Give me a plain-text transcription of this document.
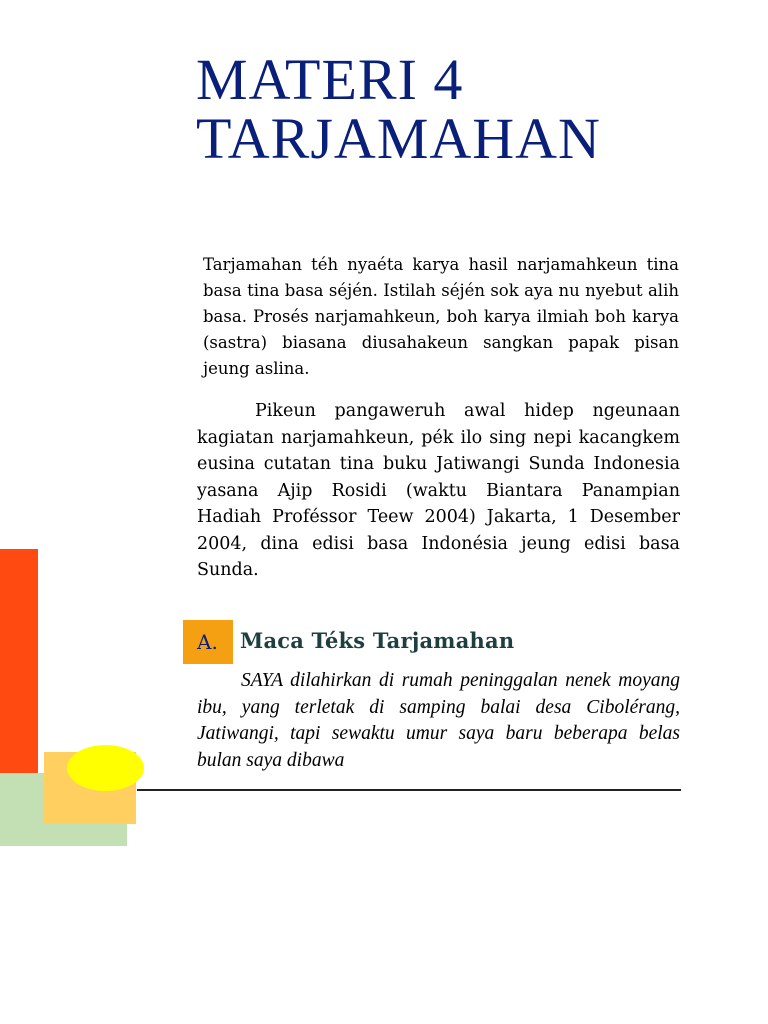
MATERI 4
TARJAMAHAN

Tarjamahan téh nyaéta karya hasil narjamahkeun tina basa tina basa séjén. Istilah séjén sok aya nu nyebut alih basa. Prosés narjamahkeun, boh karya ilmiah boh karya (sastra) biasana diusahakeun sangkan papak pisan jeung aslina.

Pikeun pangaweruh awal hidep ngeunaan kagiatan narjamahkeun, pék ilo sing nepi kacangkem eusina cutatan tina buku Jatiwangi Sunda Indonesia yasana Ajip Rosidi (waktu Biantara Panampian Hadiah Proféssor Teew 2004) Jakarta, 1 Desember 2004, dina edisi basa Indonésia jeung edisi basa Sunda.

A.	Maca Téks Tarjamahan

SAYA dilahirkan di rumah peninggalan nenek moyang ibu, yang terletak di samping balai desa Cibolérang, Jatiwangi, tapi sewaktu umur saya baru beberapa belas bulan saya dibawa
